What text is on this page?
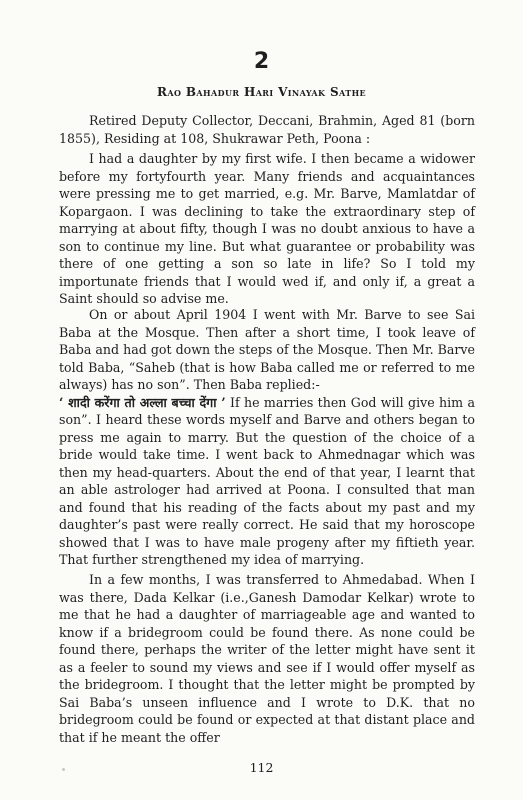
2
Rao Bahadur Hari Vinayak Sathe

Retired Deputy Collector, Deccani, Brahmin, Aged 81 (born 1855), Residing at 108, Shukrawar Peth, Poona :

I had a daughter by my first wife. I then became a widower before my fortyfourth year. Many friends and acquaintances were pressing me to get married, e.g. Mr. Barve, Mamlatdar of Kopargaon. I was declining to take the extraordinary step of marrying at about fifty, though I was no doubt anxious to have a son to continue my line. But what guarantee or probability was there of one getting a son so late in life? So I told my importunate friends that I would wed if, and only if, a great a Saint should so advise me.

On or about April 1904 I went with Mr. Barve to see Sai Baba at the Mosque. Then after a short time, I took leave of Baba and had got down the steps of the Mosque. Then Mr. Barve told Baba, “Saheb (that is how Baba called me or referred to me always) has no son”. Then Baba replied:-
‘ शादी करेंगा तो अल्ला बच्चा देंगा ’ If he marries then God will give him a son”. I heard these words myself and Barve and others began to press me again to marry. But the question of the choice of a bride would take time. I went back to Ahmednagar which was then my head-quarters. About the end of that year, I learnt that an able astrologer had arrived at Poona. I consulted that man and found that his reading of the facts about my past and my daughter’s past were really correct. He said that my horoscope showed that I was to have male progeny after my fiftieth year. That further strengthened my idea of marrying.

In a few months, I was transferred to Ahmedabad. When I was there, Dada Kelkar (i.e.,Ganesh Damodar Kelkar) wrote to me that he had a daughter of marriageable age and wanted to know if a bridegroom could be found there. As none could be found there, perhaps the writer of the letter might have sent it as a feeler to sound my views and see if I would offer myself as the bridegroom. I thought that the letter might be prompted by Sai Baba’s unseen influence and I wrote to D.K. that no bridegroom could be found or expected at that distant place and that if he meant the offer

112
